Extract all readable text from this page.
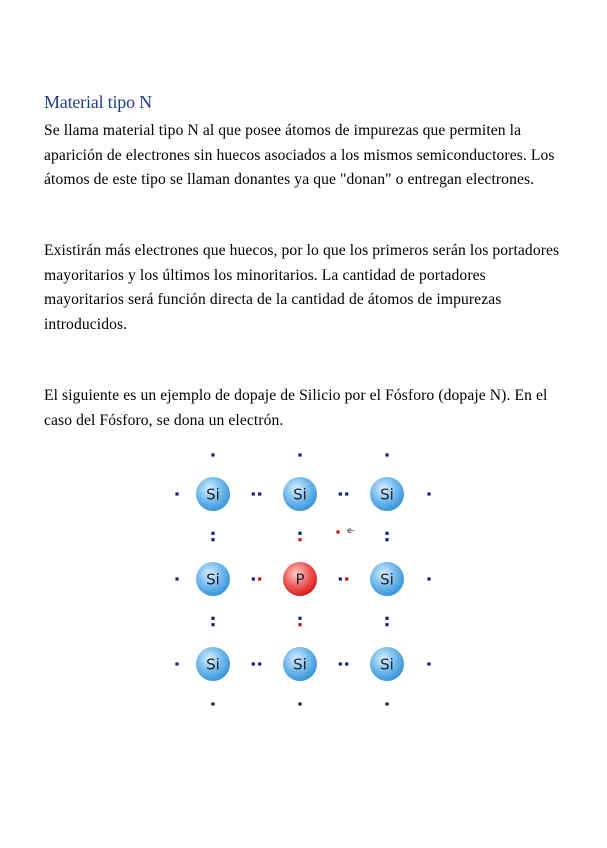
Material tipo N

Se llama material tipo N al que posee átomos de impurezas que permiten la aparición de electrones sin huecos asociados a los mismos semiconductores. Los átomos de este tipo se llaman donantes ya que "donan" o entregan electrones.

Existirán más electrones que huecos, por lo que los primeros serán los portadores mayoritarios y los últimos los minoritarios. La cantidad de portadores mayoritarios será función directa de la cantidad de átomos de impurezas introducidos.

El siguiente es un ejemplo de dopaje de Silicio por el Fósforo (dopaje N). En el caso del Fósforo, se dona un electrón.

Si	Si	Si
Si	P	Si
Si	Si	Si
e-
